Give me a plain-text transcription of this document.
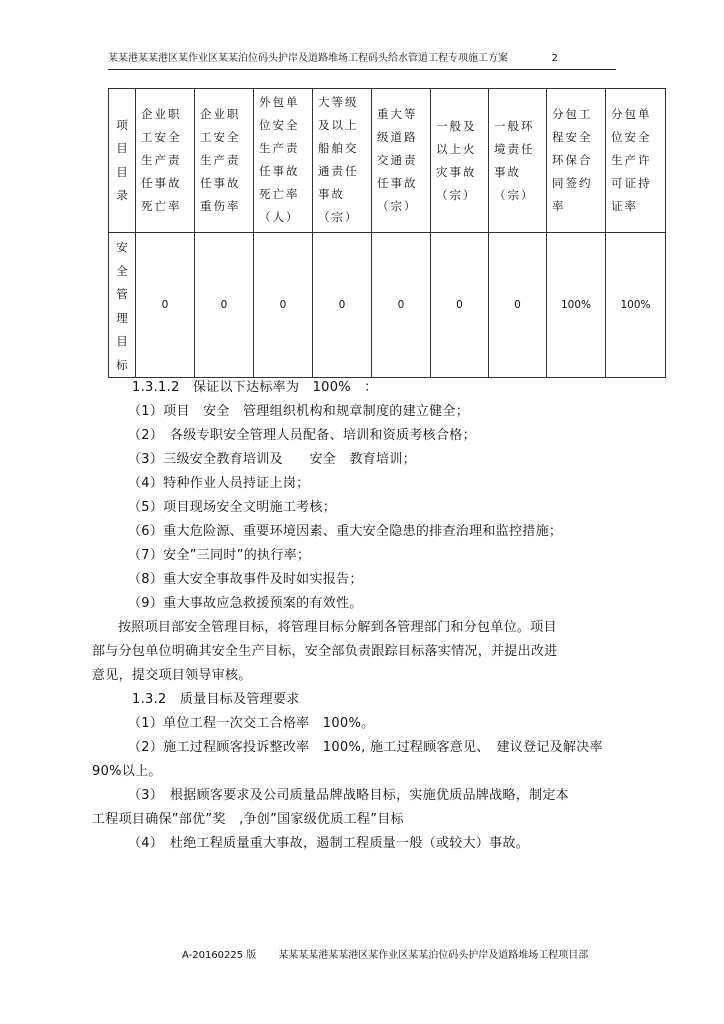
某某港某某港区某作业区某某泊位码头护岸及道路堆场工程码头给水管道工程专项施工方案	2
项目目录	企业职工安全生产责任事故死亡率	企业职工安全生产责任事故重伤率	外包单位安全生产责任事故死亡率（人）	大等级及以上船舶交通责任事故（宗）	重大等级道路交通责任事故（宗）	一般及以上火灾事故（宗）	一般环境责任事故（宗）	分包工程安全环保合同签约率	分包单位安全生产许可证持证率

安全管理目标	0	0	0	0	0	0	0	100%	100%
1.3.1.2　保证以下达标率为　100%　：
（1）项目　安全　管理组织机构和规章制度的建立健全；
（2）　各级专职安全管理人员配备、培训和资质考核合格；
（3）三级安全教育培训及　　安全　教育培训；
（4）特种作业人员持证上岗；
（5）项目现场安全文明施工考核；
（6）重大危险源、重要环境因素、重大安全隐患的排查治理和监控措施；
（7）安全”三同时”的执行率；
（8）重大安全事故事件及时如实报告；
（9）重大事故应急救援预案的有效性。
按照项目部安全管理目标，将管理目标分解到各管理部门和分包单位。项目
部与分包单位明确其安全生产目标，安全部负责跟踪目标落实情况，并提出改进
意见，提交项目领导审核。
1.3.2　质量目标及管理要求
（1）单位工程一次交工合格率　100%。
（2）施工过程顾客投诉整改率　100%, 施工过程顾客意见、　建议登记及解决率
90%以上。
（3）　根据顾客要求及公司质量品牌战略目标，实施优质品牌战略，制定本
工程项目确保”部优”奖　,争创”国家级优质工程”目标
（4）　杜绝工程质量重大事故，遏制工程质量一般（或较大）事故。
A-20160225 版 某某某某港某某港区某作业区某某泊位码头护岸及道路堆场工程项目部
